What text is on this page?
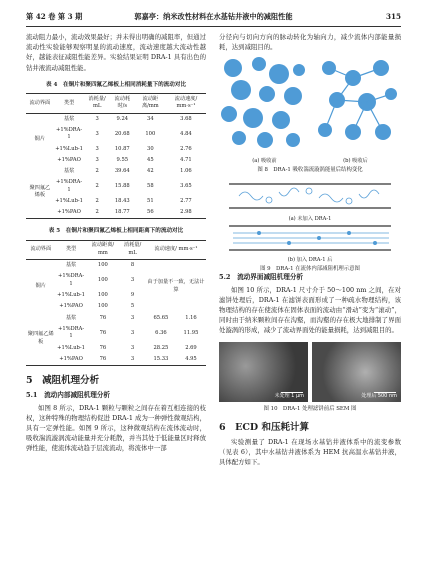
第 42 卷 第 3 期	郭嘉亭：纳米改性材料在水基钻井液中的减阻性能	315

流动阻力最小，流动效果最好；并未得出明确的减阻率，但通过流动性实验能够观察明显的流动速度，流动速度越大流动性越好，越能表征减阻性能差异。实验结果证明 DRA-1 具有出色的钻井液流动减阻性能。

表 4　在铜片和聚四氟乙烯板上相同消耗量下的流动对比
流动界面	类型	消耗量/ mL	流动耗时/s	流动距离/mm	流动速度/ mm·s⁻¹
铜片	基浆	3	9.24	34	3.68
	+1%DRA-1	3	20.68	100	4.84
	+1%Lub-1	3	10.87	30	2.76
	+1%PAO	3	9.55	45	4.71
聚四氟乙烯板	基浆	2	39.64	42	1.06
	+1%DRA-1	2	15.88	58	3.65
	+1%Lub-1	2	18.43	51	2.77
	+1%PAO	2	18.77	56	2.98
表 5　在铜片和聚四氟乙烯板上相同距离下的流动对比
流动界面	类型	流动距离/ mm	消耗量/ mL	流动速度/ mm·s⁻¹	
铜片	基浆	100	8	由于加量不一致，无法计算	
	+1%DRA-1	100	3		
	+1%Lub-1	100	9		
	+1%PAO	100	5		
聚四氟乙烯板	基浆	76	3	65.65	1.16
	+1%DRA-1	76	3	6.36	11.95
	+1%Lub-1	76	3	28.25	2.69
	+1%PAO	76	3	15.33	4.95
5　减阻机理分析
5.1　流动内部减阻机理分析

如图 8 所示，DRA-1 颗粒与颗粒之间存在着互相连接的枝权，这种特殊的物理结构促进 DRA-1 成为一种弹性微观结构，具有一定弹性能。如图 9 所示，这种微观结构在流体流动时，吸收湍流漩涡流动能量并充分耗散，并当其处于低能量区时释放弹性能，使流体流动趋于层流流动，将流体中一部

分径向与切向方向的脉动转化为轴向力，减少流体内部能量损耗，达到减阻目的。

(a) 吸收前	(b) 吸收后
图 8　DRA-1 吸收湍流漩涡能量后结构变化
(a) 未加入 DRA-1
(b) 加入 DRA-1 后
图 9　DRA-1 在流体内部减阻机理示意图
5.2　流动界面减阻机理分析

如图 10 所示，DRA-1 尺寸介于 50～100 nm 之间，在对滤饼处理后，DRA-1 在滤饼表面形成了一种疏水物理结构，该物理结构的存在使流体在固体表面的流动由“滑动”变为“滚动”，同时由于纳米颗粒间存在沟壑，而沟壑的存在极大地排制了界面处漩涡的形成，减少了流动界面处的能量损耗，达到减阻目的。

未处理 1 μm	处理后 500 nm
图 10　DRA-1 处理滤饼前后 SEM 图
6　ECD 和压耗计算

实验测量了 DRA-1 在现场水基钻井液体系中的流变参数（见表 6），其中水基钻井液体系为 HEM 抗高温水基钻井液，具体配方如下。
